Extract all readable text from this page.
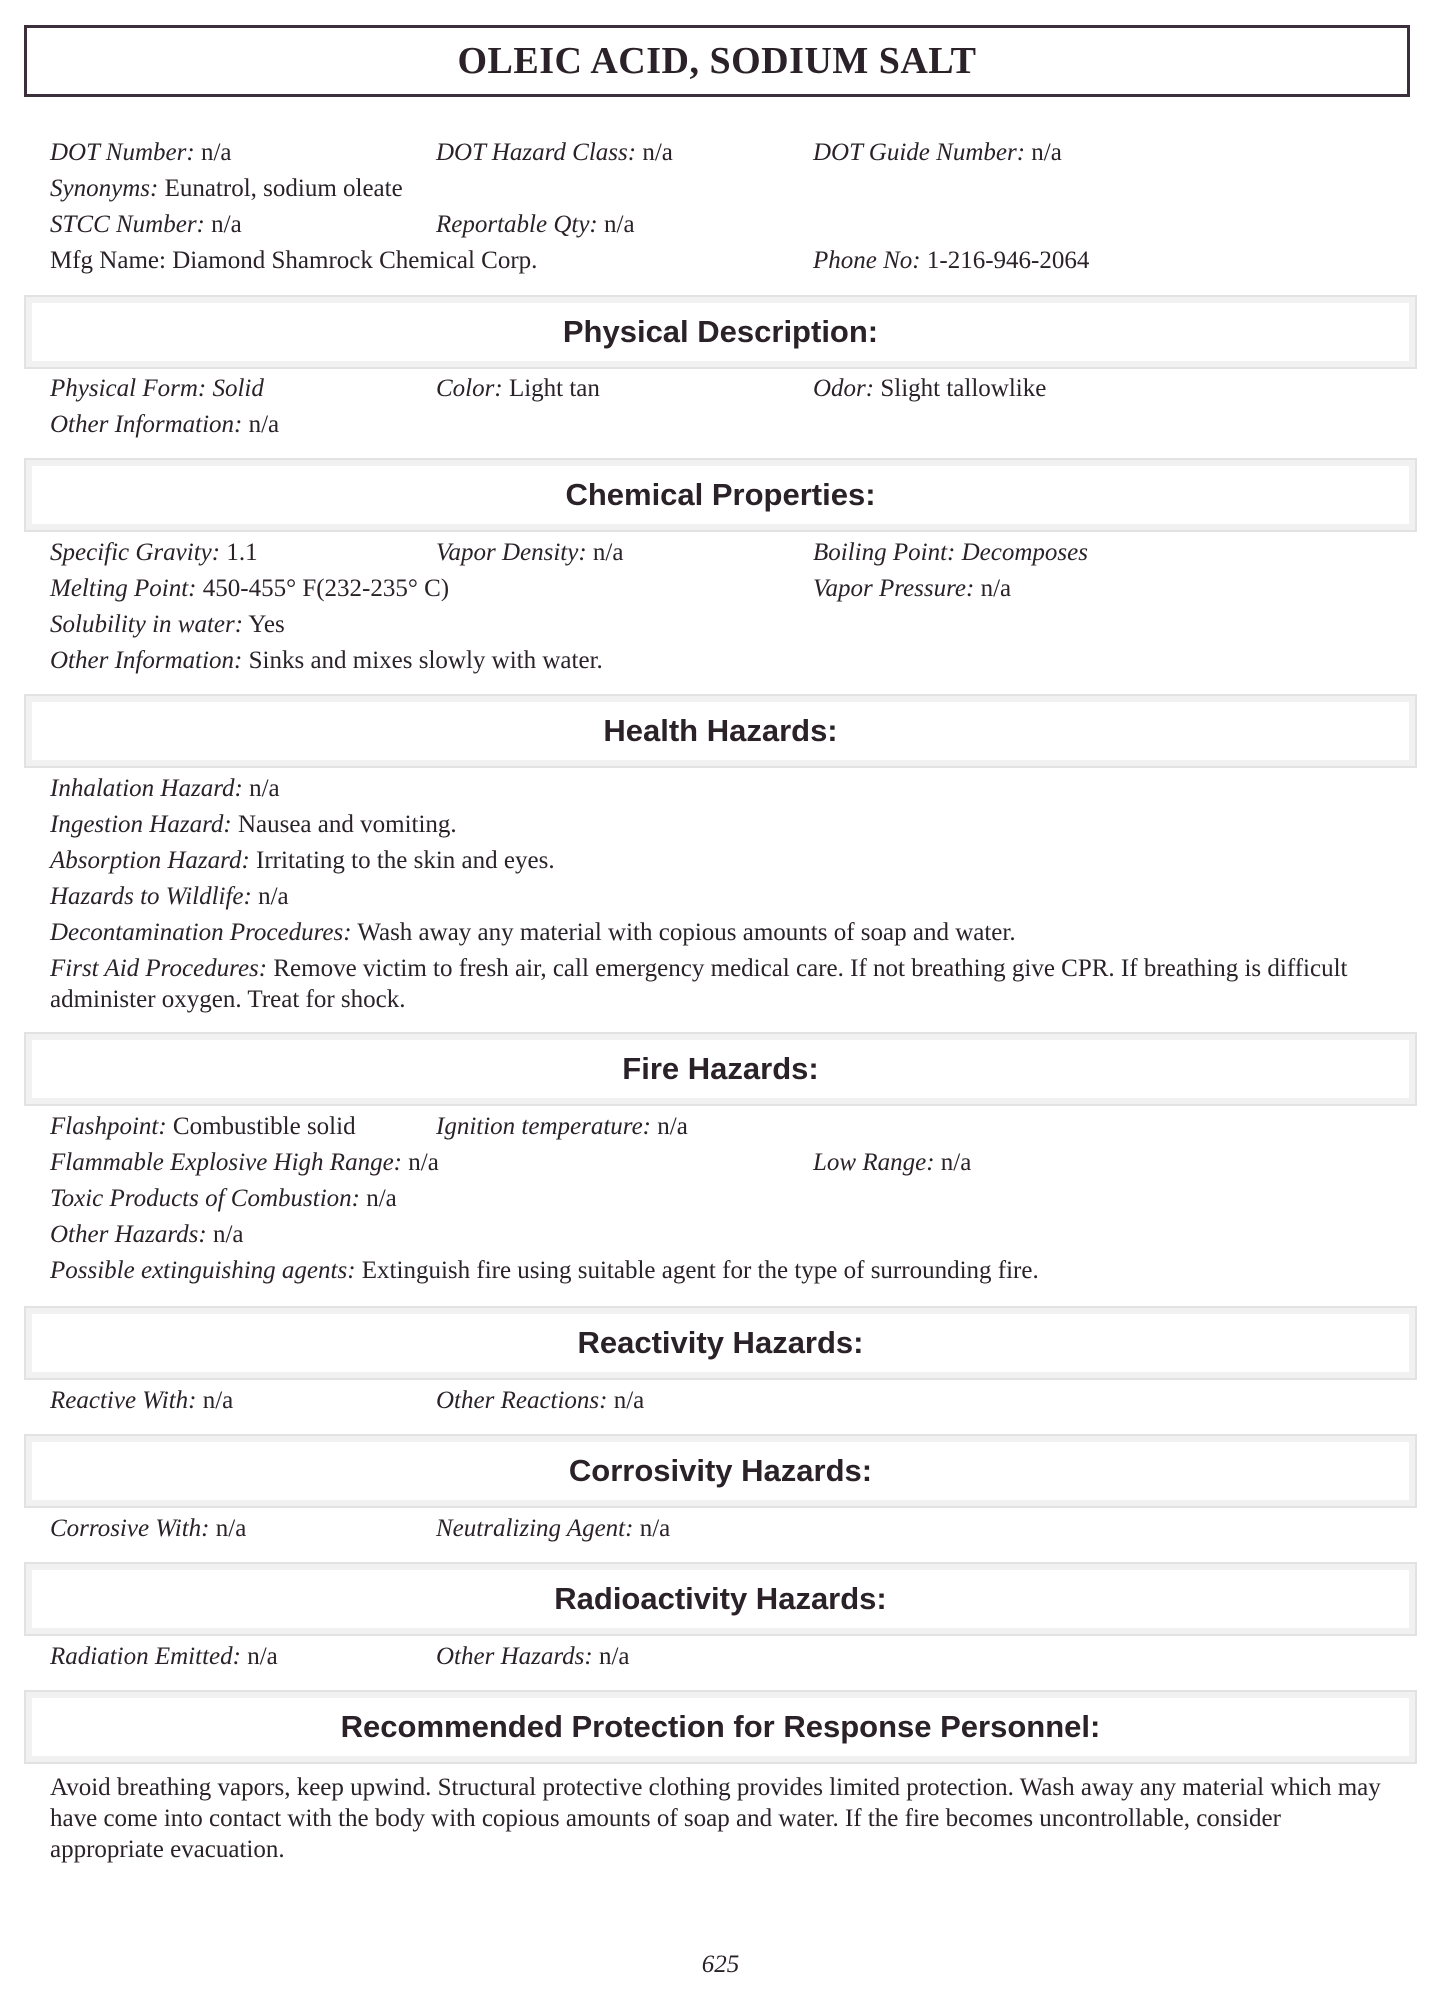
OLEIC ACID, SODIUM SALT
DOT Number: n/a	DOT Hazard Class: n/a	DOT Guide Number: n/a
Synonyms: Eunatrol, sodium oleate
STCC Number: n/a	Reportable Qty: n/a
Mfg Name: Diamond Shamrock Chemical Corp.	Phone No: 1-216-946-2064
Physical Description:
Physical Form: Solid	Color: Light tan	Odor: Slight tallowlike
Other Information: n/a
Chemical Properties:
Specific Gravity: 1.1	Vapor Density: n/a	Boiling Point: Decomposes
Melting Point: 450-455° F(232-235° C)	Vapor Pressure: n/a
Solubility in water: Yes
Other Information: Sinks and mixes slowly with water.
Health Hazards:
Inhalation Hazard: n/a
Ingestion Hazard: Nausea and vomiting.
Absorption Hazard: Irritating to the skin and eyes.
Hazards to Wildlife: n/a
Decontamination Procedures: Wash away any material with copious amounts of soap and water.
First Aid Procedures: Remove victim to fresh air, call emergency medical care. If not breathing give CPR. If breathing is difficult administer oxygen. Treat for shock.
Fire Hazards:
Flashpoint: Combustible solid	Ignition temperature: n/a
Flammable Explosive High Range: n/a	Low Range: n/a
Toxic Products of Combustion: n/a
Other Hazards: n/a
Possible extinguishing agents: Extinguish fire using suitable agent for the type of surrounding fire.
Reactivity Hazards:
Reactive With: n/a	Other Reactions: n/a
Corrosivity Hazards:
Corrosive With: n/a	Neutralizing Agent: n/a
Radioactivity Hazards:
Radiation Emitted: n/a	Other Hazards: n/a
Recommended Protection for Response Personnel:
Avoid breathing vapors, keep upwind. Structural protective clothing provides limited protection. Wash away any material which may have come into contact with the body with copious amounts of soap and water. If the fire becomes uncontrollable, consider appropriate evacuation.
625
